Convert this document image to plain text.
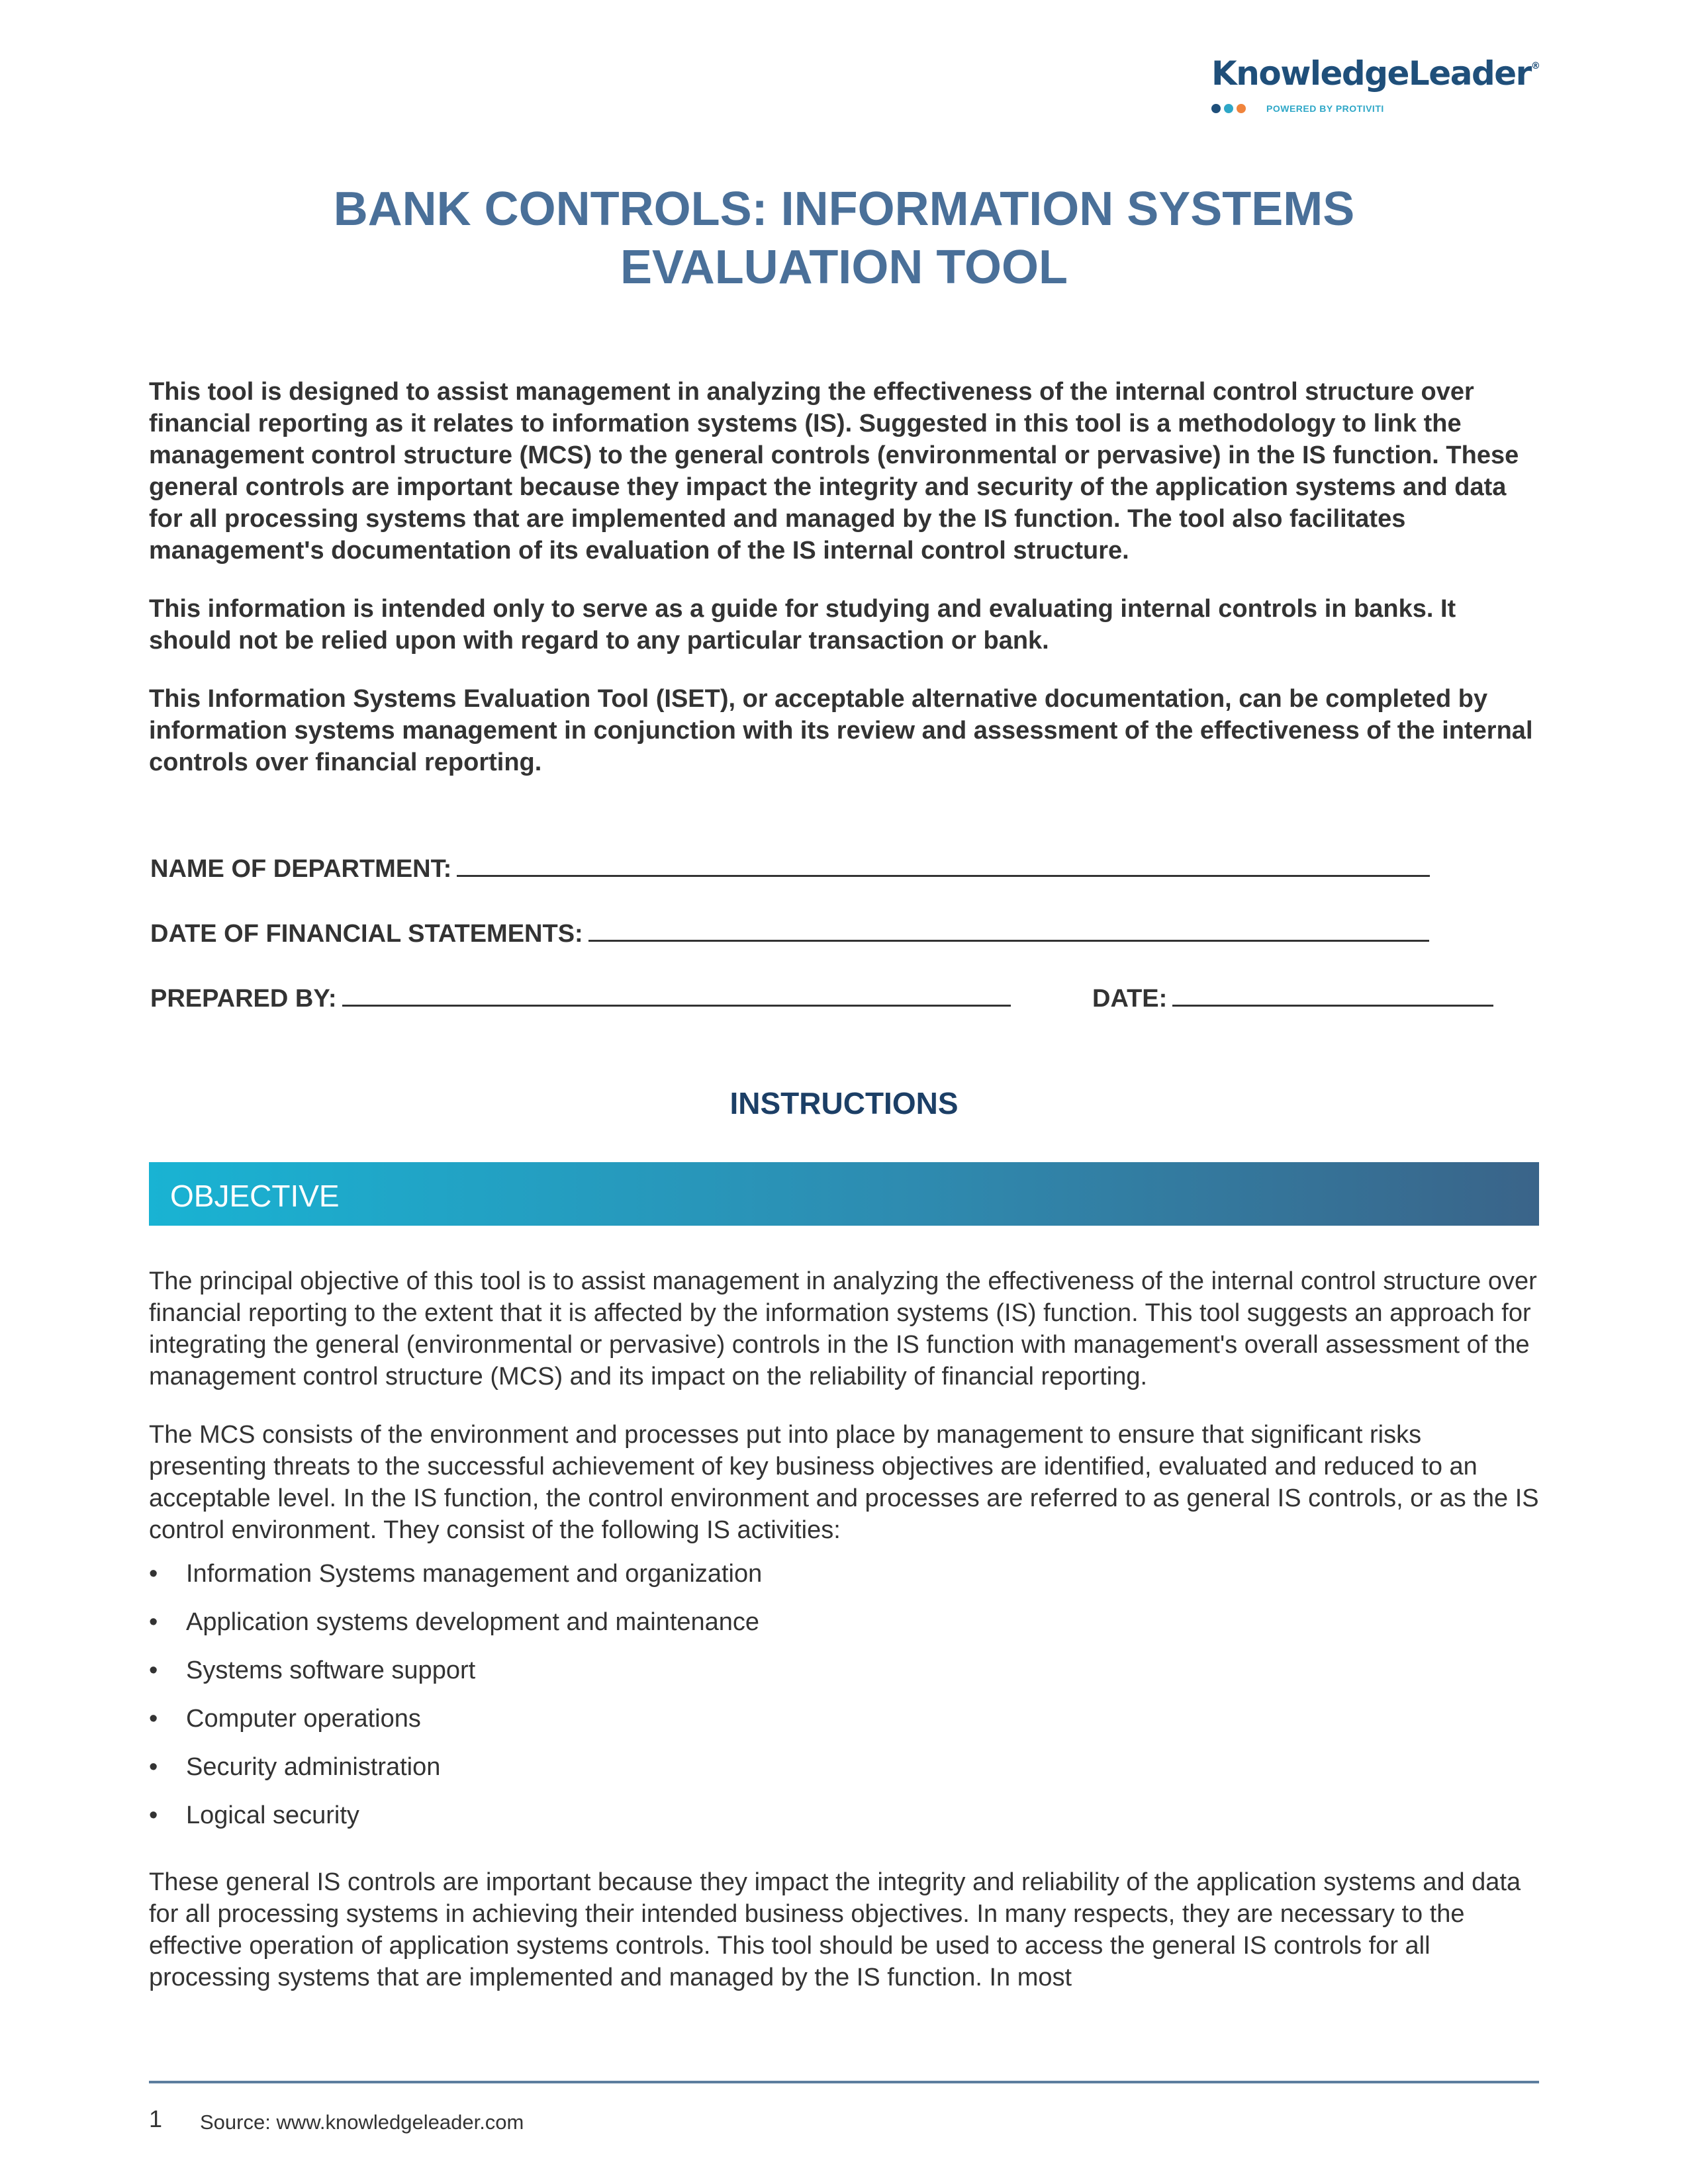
KnowledgeLeader®
POWERED BY PROTIVITI
BANK CONTROLS: INFORMATION SYSTEMS
EVALUATION TOOL

This tool is designed to assist management in analyzing the effectiveness of the internal control structure over financial reporting as it relates to information systems (IS). Suggested in this tool is a methodology to link the management control structure (MCS) to the general controls (environmental or pervasive) in the IS function. These general controls are important because they impact the integrity and security of the application systems and data for all processing systems that are implemented and managed by the IS function. The tool also facilitates management's documentation of its evaluation of the IS internal control structure.

This information is intended only to serve as a guide for studying and evaluating internal controls in banks. It should not be relied upon with regard to any particular transaction or bank.

This Information Systems Evaluation Tool (ISET), or acceptable alternative documentation, can be completed by information systems management in conjunction with its review and assessment of the effectiveness of the internal controls over financial reporting.

NAME OF DEPARTMENT:
DATE OF FINANCIAL STATEMENTS:
PREPARED BY:	DATE:
INSTRUCTIONS
OBJECTIVE

The principal objective of this tool is to assist management in analyzing the effectiveness of the internal control structure over financial reporting to the extent that it is affected by the information systems (IS) function. This tool suggests an approach for integrating the general (environmental or pervasive) controls in the IS function with management's overall assessment of the management control structure (MCS) and its impact on the reliability of financial reporting.

The MCS consists of the environment and processes put into place by management to ensure that significant risks presenting threats to the successful achievement of key business objectives are identified, evaluated and reduced to an acceptable level. In the IS function, the control environment and processes are referred to as general IS controls, or as the IS control environment. They consist of the following IS activities:

• Information Systems management and organization
• Application systems development and maintenance
• Systems software support
• Computer operations
• Security administration
• Logical security

These general IS controls are important because they impact the integrity and reliability of the application systems and data for all processing systems in achieving their intended business objectives. In many respects, they are necessary to the effective operation of application systems controls. This tool should be used to access the general IS controls for all processing systems that are implemented and managed by the IS function. In most

1 Source: www.knowledgeleader.com
